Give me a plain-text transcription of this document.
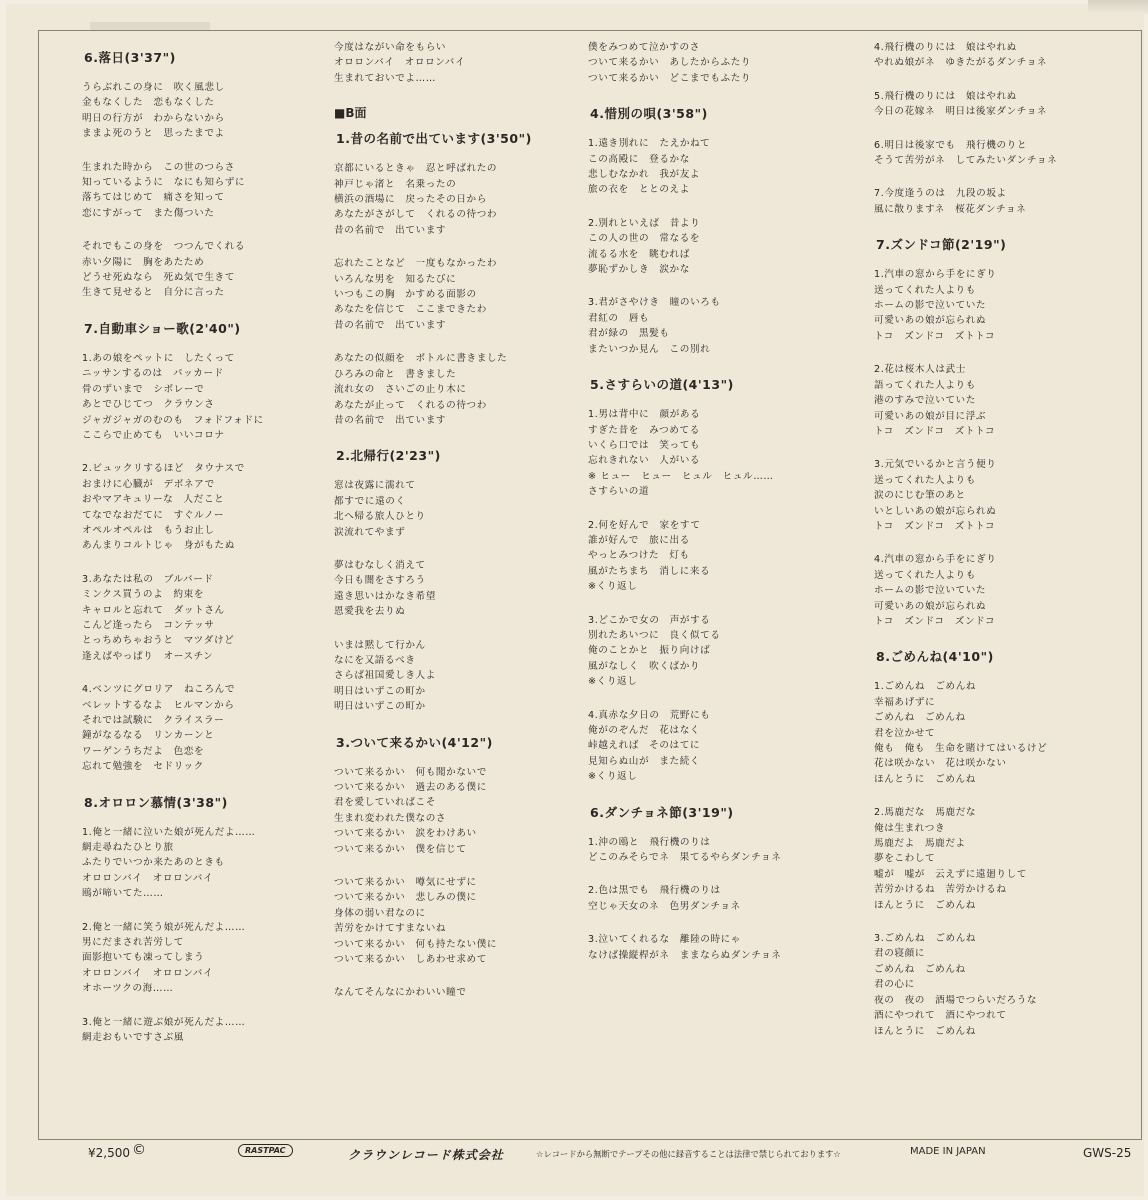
6.落日(3'37")
うらぶれこの身に　吹く風悲し
金もなくした　恋もなくした
明日の行方が　わからないから
ままよ死のうと　思ったまでよ
生まれた時から　この世のつらさ
知っているように　なにも知らずに
落ちてはじめて　痛さを知って
恋にすがって　また傷ついた
それでもこの身を　つつんでくれる
赤い夕陽に　胸をあたため
どうせ死ぬなら　死ぬ気で生きて
生きて見せると　自分に言った
7.自動車ショー歌(2'40")
1.あの娘をペットに　したくって
ニッサンするのは　パッカード
骨のずいまで　シボレーで
あとでひじてつ　クラウンさ
ジャガジャガのむのも　フォドフォドに
ここらで止めても　いいコロナ
2.ビュックリするほど　タウナスで
おまけに心臓が　デボネアで
おやマアキュリーな　人だこと
てなでなおだてに　すぐルノー
オペルオペルは　もうお止し
あんまりコルトじゃ　身がもたぬ
3.あなたは私の　ブルバード
ミンクス買うのよ　約束を
キャロルと忘れて　ダットさん
こんど逢ったら　コンテッサ
とっちめちゃおうと　マツダけど
逢えばやっぱり　オースチン
4.ベンツにグロリア　ねころんで
ベレットするなよ　ヒルマンから
それでは試験に　クライスラー
鐘がなるなる　リンカーンと
ワーゲンうちだよ　色恋を
忘れて勉強を　セドリック
8.オロロン慕情(3'38")
1.俺と一緒に泣いた娘が死んだよ……
網走尋ねたひとり旅
ふたりでいつか来たあのときも
オロロンバイ　オロロンバイ
鴎が啼いてた……
2.俺と一緒に笑う娘が死んだよ……
男にだまされ苦労して
面影抱いても凍ってしまう
オロロンバイ　オロロンバイ
オホーツクの海……
3.俺と一緒に遊ぶ娘が死んだよ……
網走おもいですさぶ風
今度はながい命をもらい
オロロンバイ　オロロンバイ
生まれておいでよ……
■B面
1.昔の名前で出ています(3'50")
京都にいるときゃ　忍と呼ばれたの
神戸じゃ渚と　名乗ったの
横浜の酒場に　戻ったその日から
あなたがさがして　くれるの待つわ
昔の名前で　出ています
忘れたことなど　一度もなかったわ
いろんな男を　知るたびに
いつもこの胸　かすめる面影の
あなたを信じて　ここまできたわ
昔の名前で　出ています
あなたの似顔を　ボトルに書きました
ひろみの命と　書きました
流れ女の　さいごの止り木に
あなたが止って　くれるの待つわ
昔の名前で　出ています
2.北帰行(2'23")
窓は夜露に濡れて
都すでに遠のく
北へ帰る旅人ひとり
涙流れてやまず
夢はむなしく消えて
今日も闇をさすろう
遠き思いはかなき希望
恩愛我を去りぬ
いまは黙して行かん
なにを又語るべき
さらば祖国愛しき人よ
明日はいずこの町か
明日はいずこの町か
3.ついて来るかい(4'12")
ついて来るかい　何も聞かないで
ついて来るかい　過去のある僕に
君を愛していればこそ
生まれ変われた僕なのさ
ついて来るかい　涙をわけあい
ついて来るかい　僕を信じて
ついて来るかい　噂気にせずに
ついて来るかい　悲しみの僕に
身体の弱い君なのに
苦労をかけてすまないね
ついて来るかい　何も持たない僕に
ついて来るかい　しあわせ求めて
なんてそんなにかわいい瞳で
僕をみつめて泣かすのさ
ついて来るかい　あしたからふたり
ついて来るかい　どこまでもふたり
4.惜別の唄(3'58")
1.遠き別れに　たえかねて
この高殿に　登るかな
悲しむなかれ　我が友よ
旅の衣を　ととのえよ
2.別れといえば　昔より
この人の世の　常なるを
流るる水を　眺むれば
夢恥ずかしき　涙かな
3.君がさやけき　瞳のいろも
君紅の　唇も
君が緑の　黒髪も
またいつか見ん　この別れ
5.さすらいの道(4'13")
1.男は背中に　顔がある
すぎた昔を　みつめてる
いくら口では　笑っても
忘れきれない　人がいる
※ ヒュー　ヒュー　ヒュル　ヒュル……
さすらいの道
2.何を好んで　家をすて
誰が好んで　旅に出る
やっとみつけた　灯も
風がたちまち　消しに来る
※くり返し
3.どこかで女の　声がする
別れたあいつに　良く似てる
俺のことかと　振り向けば
風がなしく　吹くばかり
※くり返し
4.真赤な夕日の　荒野にも
俺がのぞんだ　花はなく
峠越えれば　そのはてに
見知らぬ山が　また続く
※くり返し
6.ダンチョネ節(3'19")
1.沖の鴎と　飛行機のりは
どこのみそらでネ　果てるやらダンチョネ
2.色は黒でも　飛行機のりは
空じゃ天女のネ　色男ダンチョネ
3.泣いてくれるな　離陸の時にゃ
なけば操縦桿がネ　ままならぬダンチョネ
4.飛行機のりには　娘はやれぬ
やれぬ娘がネ　ゆきたがるダンチョネ
5.飛行機のりには　娘はやれぬ
今日の花嫁ネ　明日は後家ダンチョネ
6.明日は後家でも　飛行機のりと
そうて苦労がネ　してみたいダンチョネ
7.今度逢うのは　九段の坂よ
風に散りますネ　桜花ダンチョネ
7.ズンドコ節(2'19")
1.汽車の窓から手をにぎり
送ってくれた人よりも
ホームの影で泣いていた
可愛いあの娘が忘られぬ
トコ　ズンドコ　ズトトコ
2.花は桜木人は武士
語ってくれた人よりも
港のすみで泣いていた
可愛いあの娘が目に浮ぶ
トコ　ズンドコ　ズトトコ
3.元気でいるかと言う便り
送ってくれた人よりも
涙のにじむ筆のあと
いとしいあの娘が忘られぬ
トコ　ズンドコ　ズトトコ
4.汽車の窓から手をにぎり
送ってくれた人よりも
ホームの影で泣いていた
可愛いあの娘が忘られぬ
トコ　ズンドコ　ズンドコ
8.ごめんね(4'10")
1.ごめんね　ごめんね
幸福あげずに
ごめんね　ごめんね
君を泣かせて
俺も　俺も　生命を賭けてはいるけど
花は咲かない　花は咲かない
ほんとうに　ごめんね
2.馬鹿だな　馬鹿だな
俺は生まれつき
馬鹿だよ　馬鹿だよ
夢をこわして
嘘が　嘘が　云えずに遠廻りして
苦労かけるね　苦労かけるね
ほんとうに　ごめんね
3.ごめんね　ごめんね
君の寝顔に
ごめんね　ごめんね
君の心に
夜の　夜の　酒場でつらいだろうな
酒にやつれて　酒にやつれて
ほんとうに　ごめんね
¥2,500 ©	RASTPAC	クラウンレコード株式会社	☆レコードから無断でテープその他に録音することは法律で禁じられております☆	MADE IN JAPAN	GWS-25
